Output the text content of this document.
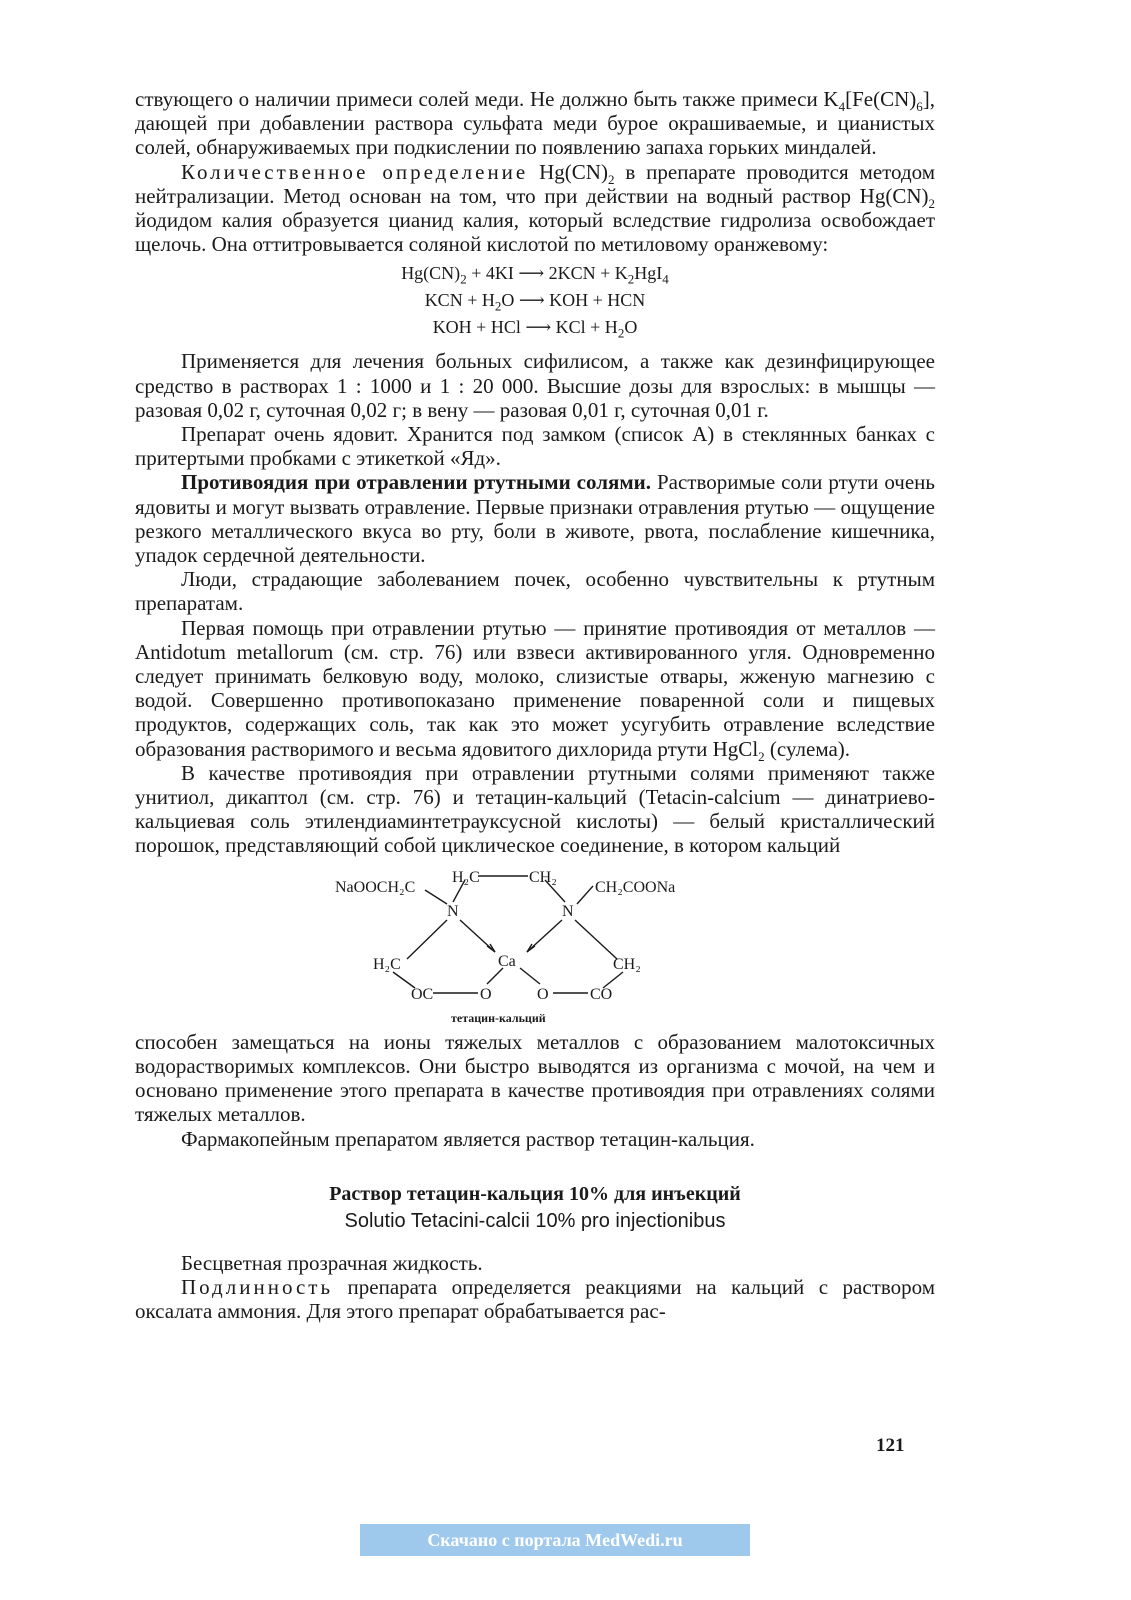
ствующего о наличии примеси солей меди. Не должно быть также примеси $K_4[Fe(CN)_6]$, дающей при добавлении раствора сульфата меди бурое окрашиваемые, и цианистых солей, обнаруживаемых при подкислении по появлению запаха горьких миндалей.

Количественное определение $Hg(CN)_2$ в препарате проводится методом нейтрализации. Метод основан на том, что при действии на водный раствор $Hg(CN)_2$ йодидом калия образуется цианид калия, который вследствие гидролиза освобождает щелочь. Она оттитровывается соляной кислотой по метиловому оранжевому:

$Hg(CN)_2 + 4KI$ ⟶ $2KCN + K_2HgI_4$
KCN + $H_2O$ ⟶ KOH + HCN
KOH + HCl ⟶ KCl + $H_2O$

Применяется для лечения больных сифилисом, а также как дезинфицирующее средство в растворах 1 : 1000 и 1 : 20 000. Высшие дозы для взрослых: в мышцы — разовая 0,02 г, суточная 0,02 г; в вену — разовая 0,01 г, суточная 0,01 г.

Препарат очень ядовит. Хранится под замком (список А) в стеклянных банках с притертыми пробками с этикеткой «Яд».

Противоядия при отравлении ртутными солями. Растворимые соли ртути очень ядовиты и могут вызвать отравление. Первые признаки отравления ртутью — ощущение резкого металлического вкуса во рту, боли в животе, рвота, послабление кишечника, упадок сердечной деятельности.

Люди, страдающие заболеванием почек, особенно чувствительны к ртутным препаратам.

Первая помощь при отравлении ртутью — принятие противоядия от металлов — Antidotum metallorum (см. стр. 76) или взвеси активированного угля. Одновременно следует принимать белковую воду, молоко, слизистые отвары, жженую магнезию с водой. Совершенно противопоказано применение поваренной соли и пищевых продуктов, содержащих соль, так как это может усугубить отравление вследствие образования растворимого и весьма ядовитого дихлорида ртути HgCl$_2$ (сулема).

В качестве противоядия при отравлении ртутными солями применяют также унитиол, дикаптол (см. стр. 76) и тетацин-кальций (Tetacin-calcium — динатриево-кальциевая соль этилендиаминтетрауксусной кислоты) — белый кристаллический порошок, представляющий собой циклическое соединение, в котором кальций

NaOOCH₂C
H₂C	CH₂
CH₂COONa
N	N
Ca
H₂C	CH₂
OC	O	O	CO
тетацин-кальций

способен замещаться на ионы тяжелых металлов с образованием малотоксичных водорастворимых комплексов. Они быстро выводятся из организма с мочой, на чем и основано применение этого препарата в качестве противоядия при отравлениях солями тяжелых металлов.

Фармакопейным препаратом является раствор тетацин-кальция.

Раствор тетацин-кальция 10% для инъекций
Solutio Tetacini-calcii 10% pro injectionibus

Бесцветная прозрачная жидкость.

Подлинность препарата определяется реакциями на кальций с раствором оксалата аммония. Для этого препарат обрабатывается рас-

121
Скачано с портала MedWedi.ru
